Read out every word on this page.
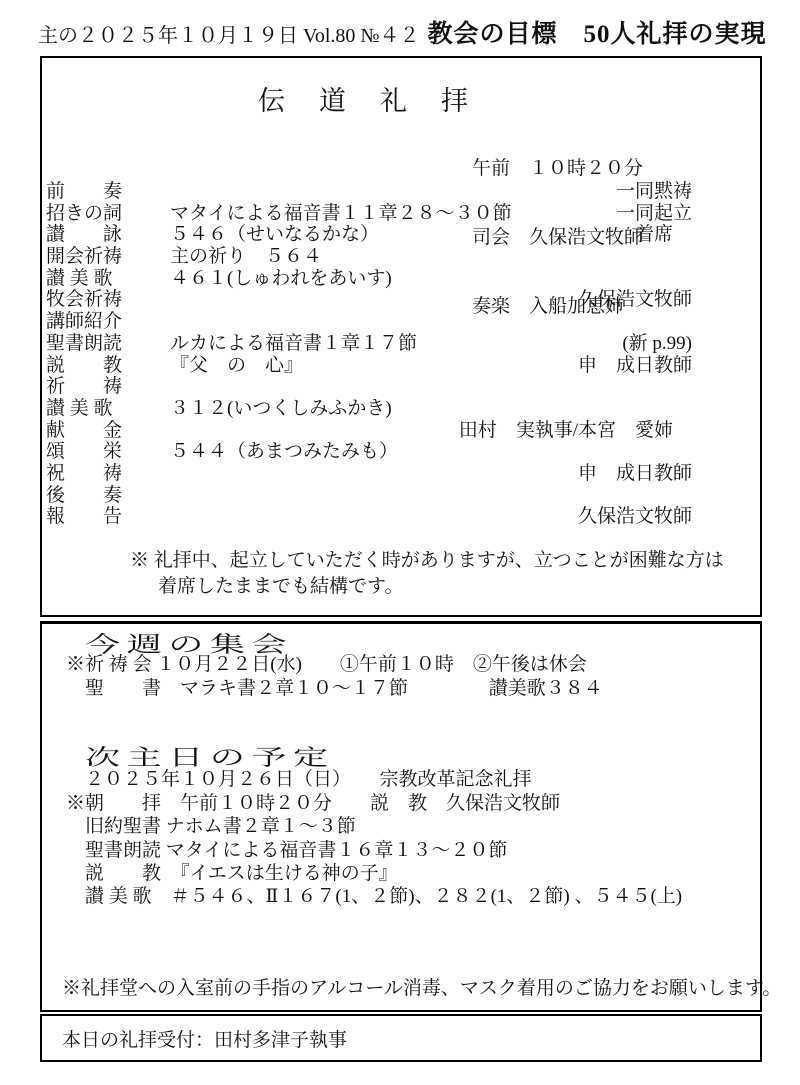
主の２０２５年１０月１９日 Vol.80 №４２ 教会の目標　50人礼拝の実現
伝道礼拝

午前　１０時２０分

司会　久保浩文牧師

奏楽　入船加恵姉

前　　奏	一同黙祷
招きの詞	マタイによる福音書１１章２８～３０節	一同起立
讃　　詠	５４６（せいなるかな）	着席　
開会祈祷	主の祈り　５６４
讃 美 歌	４６１(しゅわれをあいす)
牧会祈祷	久保浩文牧師
講師紹介
聖書朗読	ルカによる福音書１章１７節	(新 p.99)
説　　教	『父　の　心』	申　成日教師
祈　　祷
讃 美 歌	３１２(いつくしみふかき)
献　　金	田村　実執事/本宮　愛姉　
頌　　栄	５４４（あまつみたみも）
祝　　祷	申　成日教師
後　　奏
報　　告	久保浩文牧師
※ 礼拝中、起立していただく時がありますが、立つことが困難な方は
着席したままでも結構です。
今週の集会
※祈 祷 会 １０月２２日(水)　　①午前１０時　②午後は休会
聖　　書　マラキ書２章１０～１７節　　　　 讃美歌３８４
次主日の予定
２０２５年１０月２６日（日）　　宗教改革記念礼拝
※朝　　拝　午前１０時２０分　　説　教　久保浩文牧師
旧約聖書 ナホム書２章１～３節
聖書朗読 マタイによる福音書１６章１３～２０節
説　　教　『イエスは生ける神の子』
讃 美 歌　＃５４６、Ⅱ１６７(1、２節)、２８２(1、２節) 、５４５(上)
※礼拝堂への入室前の手指のアルコール消毒、マスク着用のご協力をお願いします。
本日の礼拝受付：田村多津子執事
